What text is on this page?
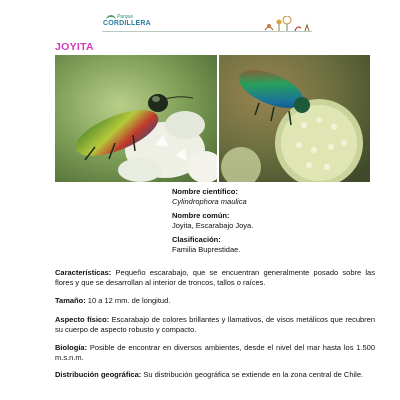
Parque
CORDILLERA
JOYITA
Nombre científico:
Cylindrophora maulica
Nombre común:
Joyita, Escarabajo Joya.
Clasificación:
Familia Buprestidae.
Características: Pequeño escarabajo, que se encuentran generalmente posado sobre las flores y que se desarrollan al interior de troncos, tallos o raíces.
Tamaño: 10 a 12 mm. de longitud.
Aspecto físico: Escarabajo de colores brillantes y llamativos, de visos metálicos que recubren su cuerpo de aspecto robusto y compacto.
Biología: Posible de encontrar en diversos ambientes, desde el nivel del mar hasta los 1.500 m.s.n.m.
Distribución geográfica: Su distribución geográfica se extiende en la zona central de Chile.
